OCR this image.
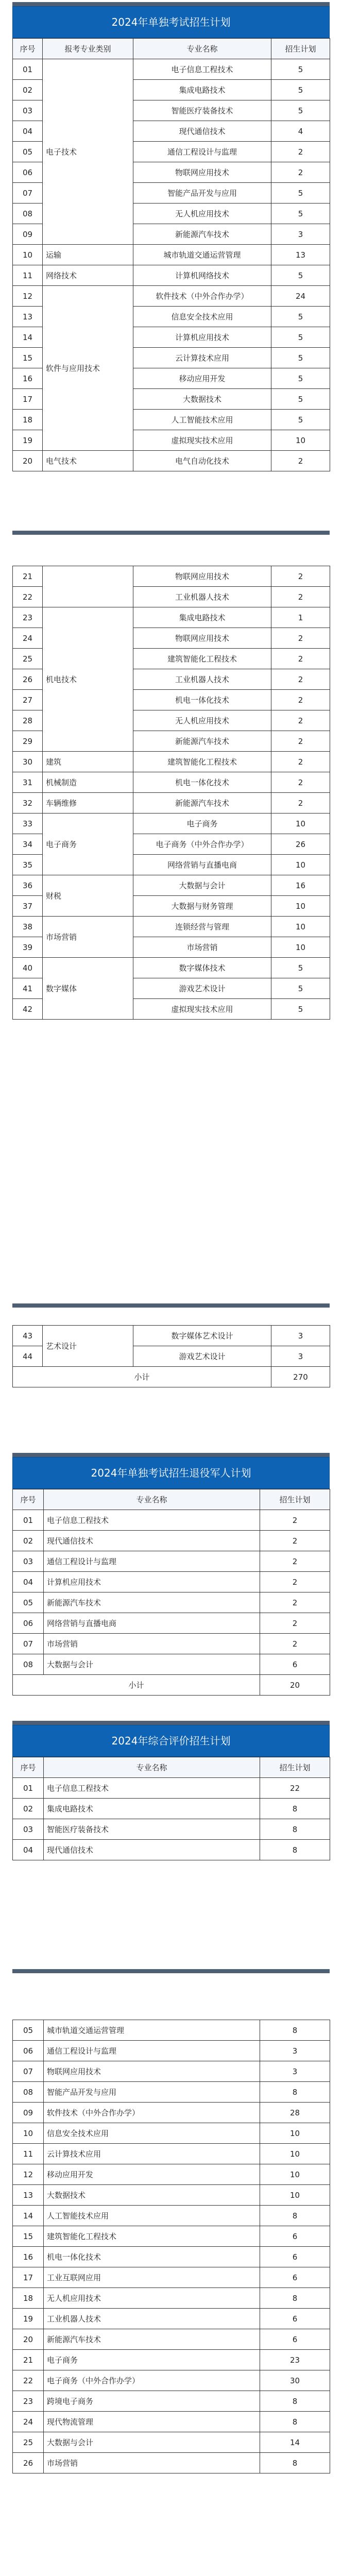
2024年单独考试招生计划
序号	报考专业类别	专业名称	招生计划
01	电子技术	电子信息工程技术	5
02		集成电路技术	5
03		智能医疗装备技术	5
04		现代通信技术	4
05		通信工程设计与监理	2
06		物联网应用技术	2
07		智能产品开发与应用	5
08		无人机应用技术	5
09		新能源汽车技术	3
10	运输	城市轨道交通运营管理	13
11	网络技术	计算机网络技术	5
12	软件与应用技术	软件技术（中外合作办学）	24
13		信息安全技术应用	5
14		计算机应用技术	5
15		云计算技术应用	5
16		移动应用开发	5
17		大数据技术	5
18		人工智能技术应用	5
19		虚拟现实技术应用	10
20	电气技术	电气自动化技术	2
21		物联网应用技术	2
22		工业机器人技术	2
23	机电技术	集成电路技术	1
24		物联网应用技术	2
25		建筑智能化工程技术	2
26		工业机器人技术	2
27		机电一体化技术	2
28		无人机应用技术	2
29		新能源汽车技术	2
30	建筑	建筑智能化工程技术	2
31	机械制造	机电一体化技术	2
32	车辆维修	新能源汽车技术	2
33	电子商务	电子商务	10
34		电子商务（中外合作办学）	26
35		网络营销与直播电商	10
36	财税	大数据与会计	16
37		大数据与财务管理	10
38	市场营销	连锁经营与管理	10
39		市场营销	10
40	数字媒体	数字媒体技术	5
41		游戏艺术设计	5
42		虚拟现实技术应用	5
43	艺术设计	数字媒体艺术设计	3
44		游戏艺术设计	3
小计			270
2024年单独考试招生退役军人计划
序号	专业名称	招生计划
01	电子信息工程技术	2
02	现代通信技术	2
03	通信工程设计与监理	2
04	计算机应用技术	2
05	新能源汽车技术	2
06	网络营销与直播电商	2
07	市场营销	2
08	大数据与会计	6
小计		20
2024年综合评价招生计划
序号	专业名称	招生计划
01	电子信息工程技术	22
02	集成电路技术	8
03	智能医疗装备技术	8
04	现代通信技术	8
05	城市轨道交通运营管理	8
06	通信工程设计与监理	3
07	物联网应用技术	3
08	智能产品开发与应用	8
09	软件技术（中外合作办学）	28
10	信息安全技术应用	10
11	云计算技术应用	10
12	移动应用开发	10
13	大数据技术	10
14	人工智能技术应用	8
15	建筑智能化工程技术	6
16	机电一体化技术	6
17	工业互联网应用	6
18	无人机应用技术	8
19	工业机器人技术	6
20	新能源汽车技术	6
21	电子商务	23
22	电子商务（中外合作办学）	30
23	跨境电子商务	8
24	现代物流管理	8
25	大数据与会计	14
26	市场营销	8
